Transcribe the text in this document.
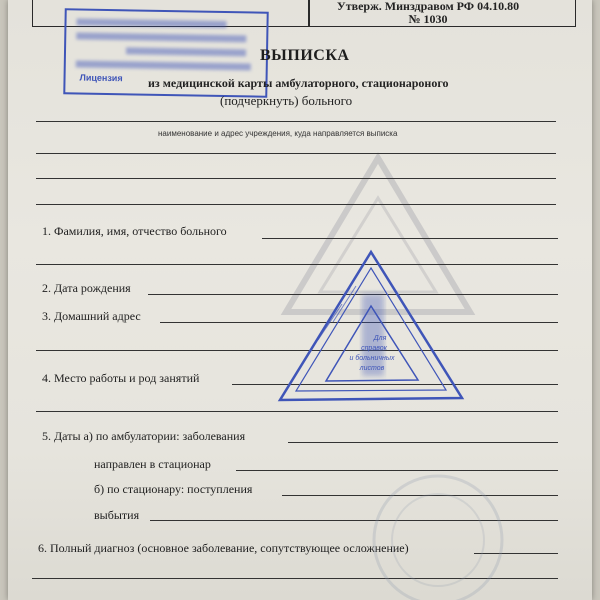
Утверж. Минздравом РФ 04.10.80
№ 1030
Лицензия
ВЫПИСКА
из медицинской карты амбулаторного, стационароного
(подчеркнуть) больного
наименование и адрес учреждения, куда направляется выписка
1. Фамилия, имя, отчество больного
2. Дата рождения
3. Домашний адрес
4. Место работы и род занятий
5. Даты а) по амбулатории: заболевания
направлен в стационар
б) по стационару: поступления
выбытия
6. Полный диагноз (основное заболевание, сопутствующее осложнение)
Для
справок
и больничных
листов
